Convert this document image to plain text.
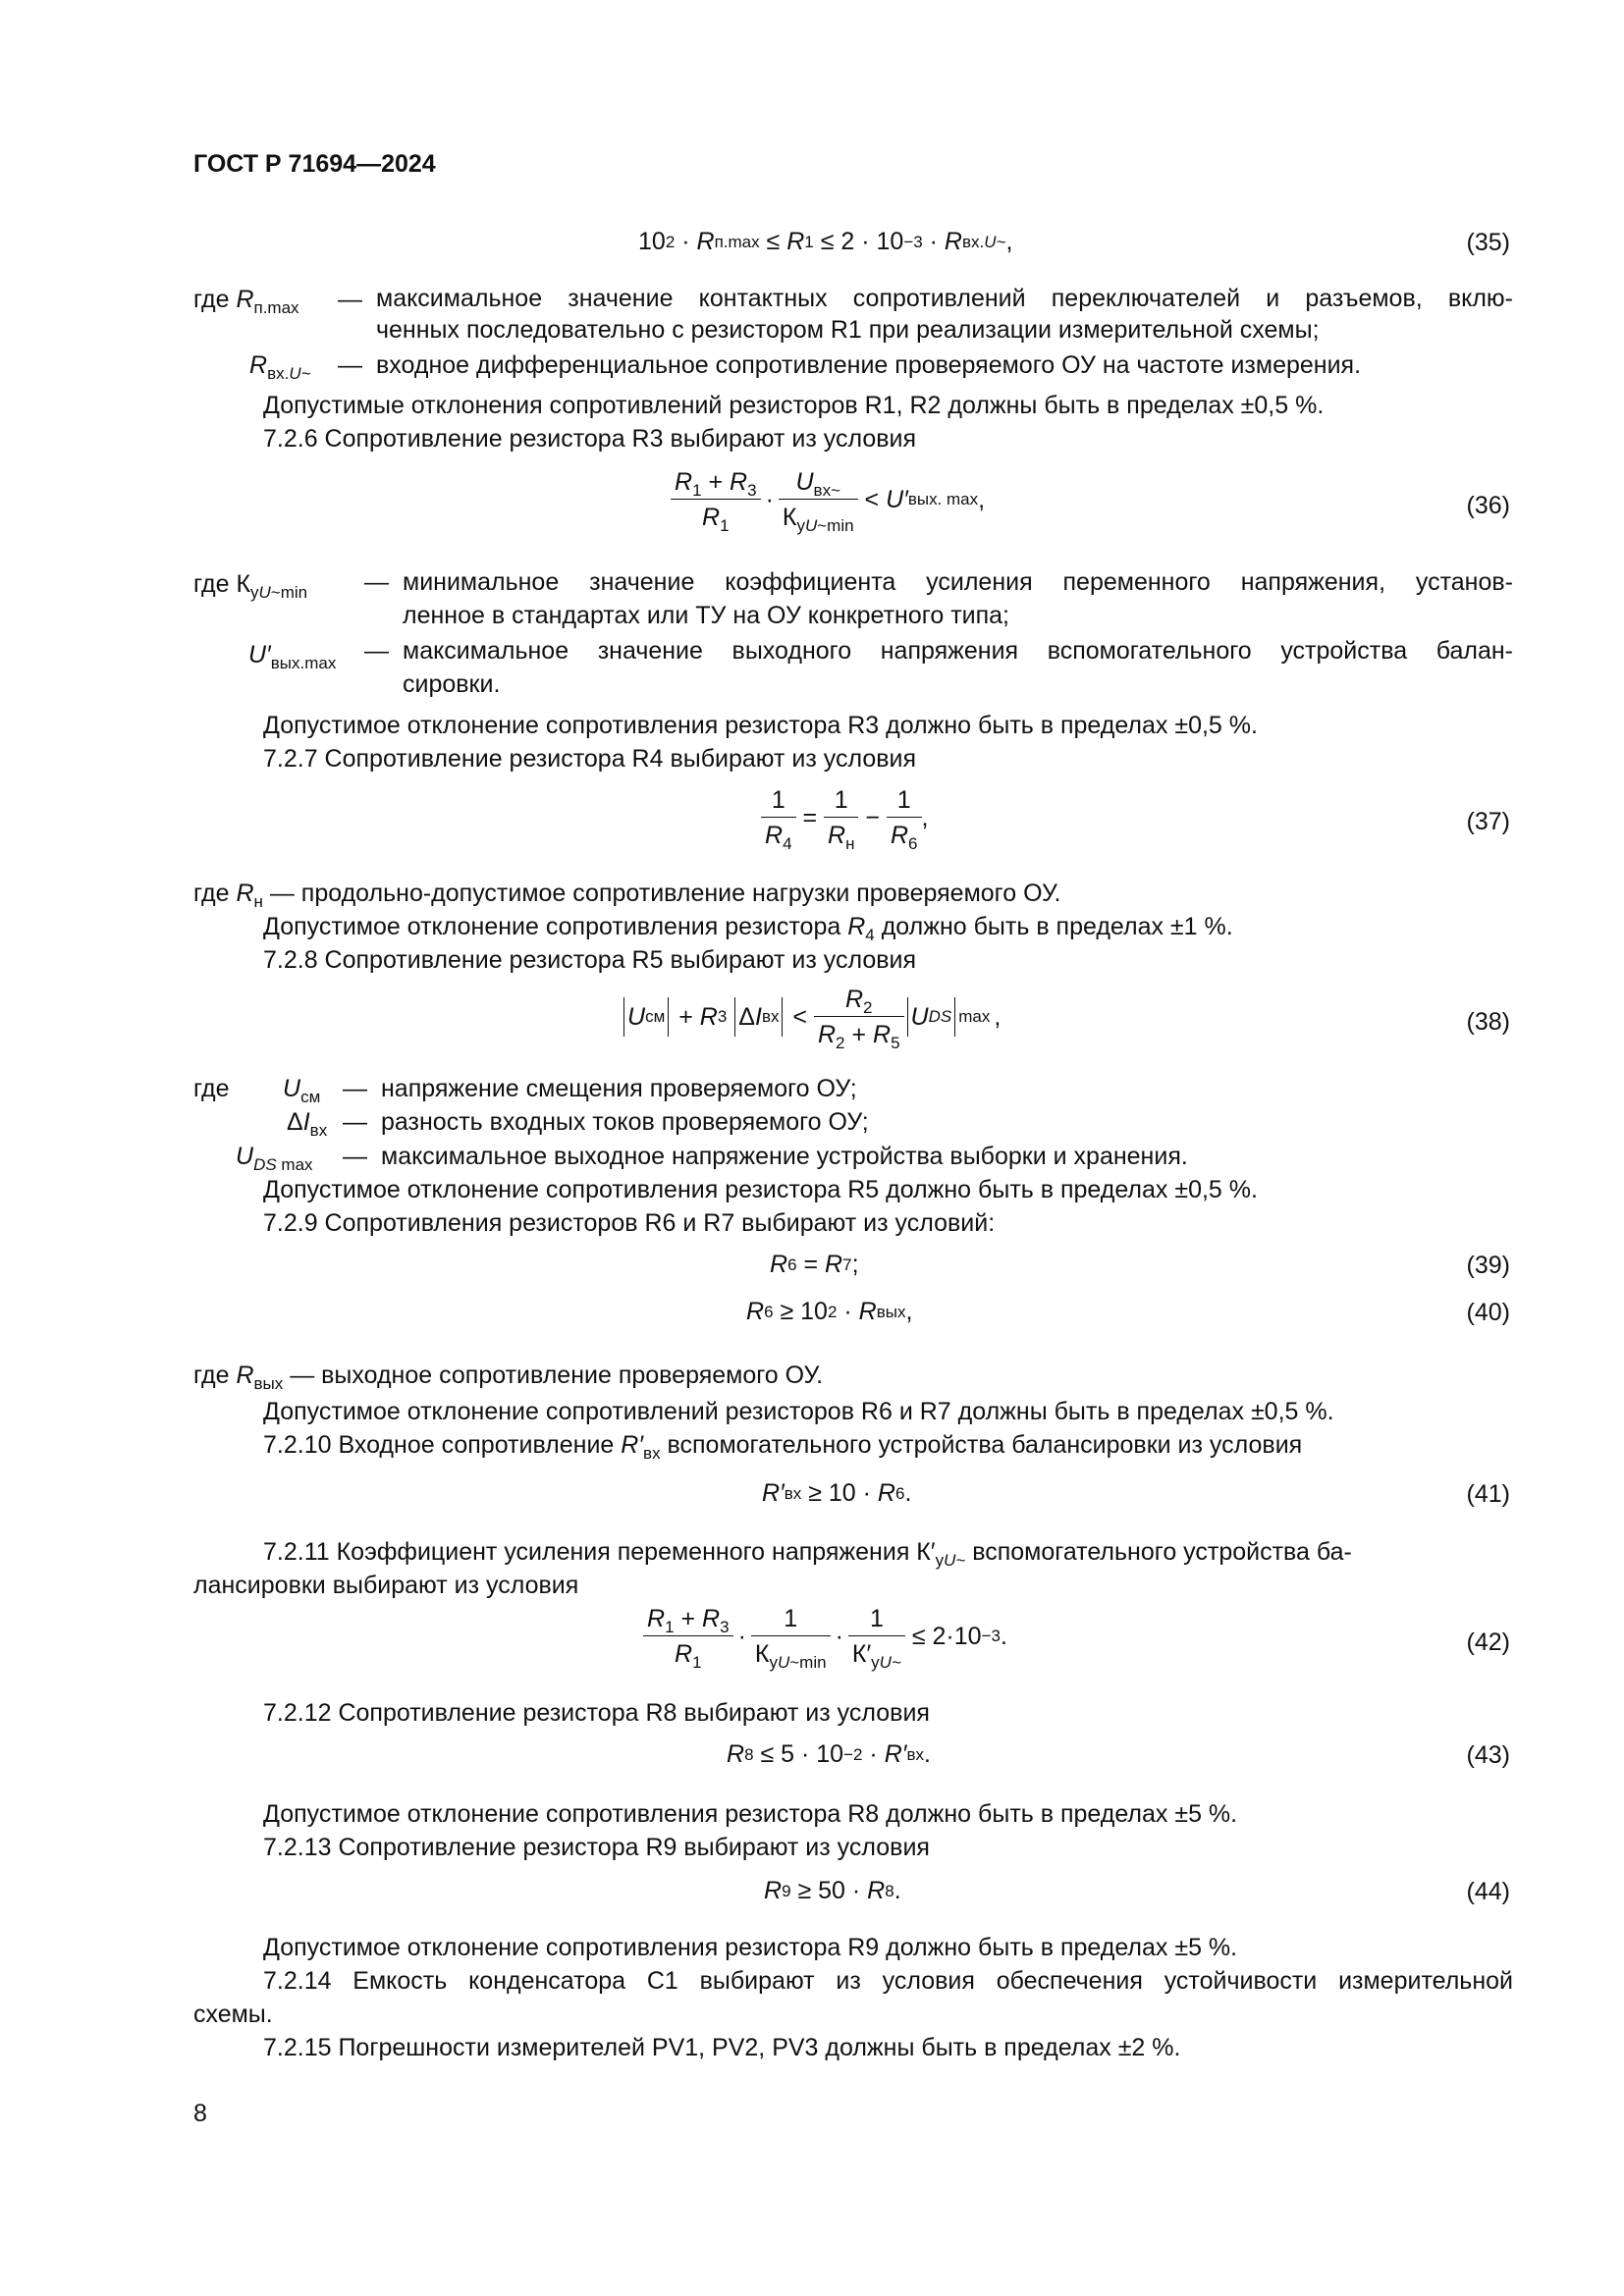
ГОСТ Р 71694—2024
10 2 · R п.max ≤ R 1 ≤ 2 · 10 −3 · R вх.U~ ,	(35)
где $R_{п.max}$ — максимальное значение контактных сопротивлений переключателей и разъемов, вклю-
ченных последовательно с резистором R1 при реализации измерительной схемы;
$R_{вх.U\sim}$ — входное дифференциальное сопротивление проверяемого ОУ на частоте измерения.
Допустимые отклонения сопротивлений резисторов R1, R2 должны быть в пределах ±0,5 %.
7.2.6 Сопротивление резистора R3 выбирают из условия
$\frac{R_1 + R_3}{R_1} \cdot \frac{U_{вх\sim}}{К_{уU\sim min}} < U'$ вых. max ,	(36)
где $К_{уU\sim min}$ — минимальное значение коэффициента усиления переменного напряжения, установ-
ленное в стандартах или ТУ на ОУ конкретного типа;
$U'_{вых.max}$ — максимальное значение выходного напряжения вспомогательного устройства балан-
сировки.
Допустимое отклонение сопротивления резистора R3 должно быть в пределах ±0,5 %.
7.2.7 Сопротивление резистора R4 выбирают из условия
$\frac{1}{R_4} = \frac{1}{R_н} - \frac{1}{R_6}$ ,	(37)
где $R_н$ — продольно-допустимое сопротивление нагрузки проверяемого ОУ.
Допустимое отклонение сопротивления резистора $R_4$ должно быть в пределах ±1 %.
7.2.8 Сопротивление резистора R5 выбирают из условия
U см + R 3 Δ I вх < $\frac{R_2}{R_2 + R_5}$ U DS max ,	(38)
где $U_{см}$ — напряжение смещения проверяемого ОУ;
$\Delta I_{вх}$ — разность входных токов проверяемого ОУ;
$U_{DS max}$ — максимальное выходное напряжение устройства выборки и хранения.
Допустимое отклонение сопротивления резистора R5 должно быть в пределах ±0,5 %.
7.2.9 Сопротивления резисторов R6 и R7 выбирают из условий:
R 6 = R 7 ;	(39)
R 6 ≥ 10 2 · R вых ,	(40)
где $R_{вых}$ — выходное сопротивление проверяемого ОУ.
Допустимое отклонение сопротивлений резисторов R6 и R7 должны быть в пределах ±0,5 %.
7.2.10 Входное сопротивление $R'_{вх}$ вспомогательного устройства балансировки из условия
R′ вх ≥ 10 · R 6 .	(41)
7.2.11 Коэффициент усиления переменного напряжения $К'_{уU\sim}$ вспомогательного устройства ба-
лансировки выбирают из условия
$\frac{R_1 + R_3}{R_1} \cdot \frac{1}{К_{уU\sim min}} \cdot \frac{1}{К'_{уU\sim}} \le 2\cdot 10 -3$ .	(42)
7.2.12 Сопротивление резистора R8 выбирают из условия
R 8 ≤ 5 · 10 −2 · R′ вх .	(43)
Допустимое отклонение сопротивления резистора R8 должно быть в пределах ±5 %.
7.2.13 Сопротивление резистора R9 выбирают из условия
R 9 ≥ 50 · R 8 .	(44)
Допустимое отклонение сопротивления резистора R9 должно быть в пределах ±5 %.
7.2.14 Емкость конденсатора С1 выбирают из условия обеспечения устойчивости измерительной
схемы.
7.2.15 Погрешности измерителей PV1, PV2, PV3 должны быть в пределах ±2 %.
8
